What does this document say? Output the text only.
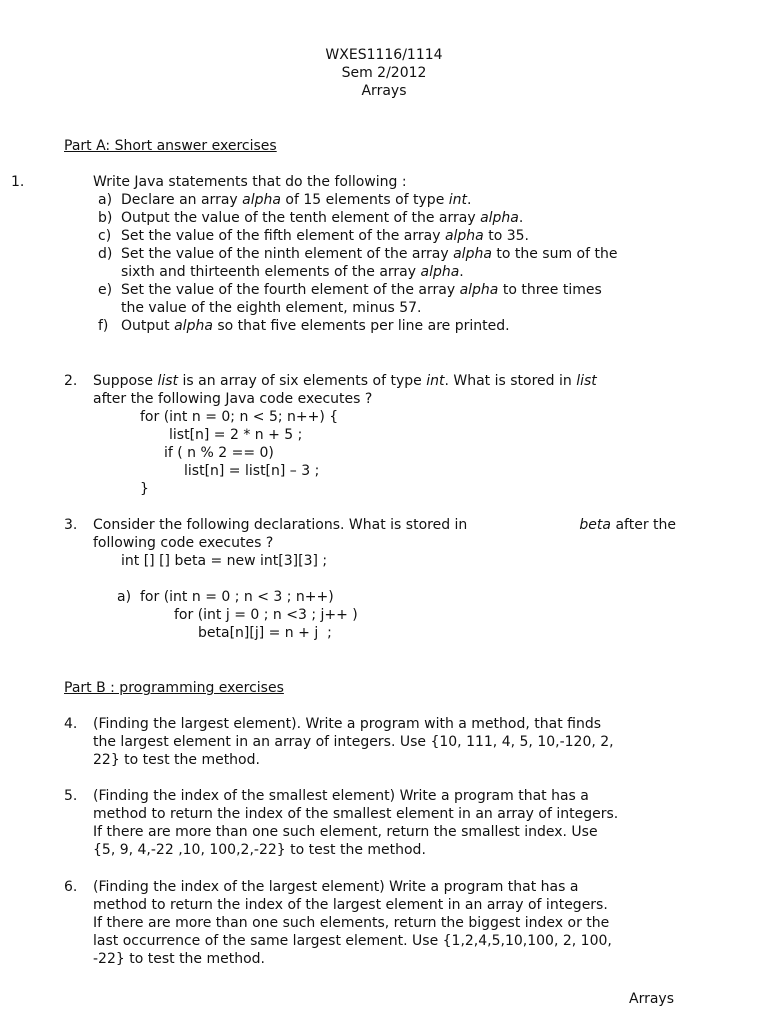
WXES1116/1114
Sem 2/2012
Arrays
Part A: Short answer exercises
1.	Write Java statements that do the following :
a) Declare an array alpha of 15 elements of type int.
b) Output the value of the tenth element of the array alpha.
c) Set the value of the fifth element of the array alpha to 35.
d) Set the value of the ninth element of the array alpha to the sum of the
sixth and thirteenth elements of the array alpha.
e) Set the value of the fourth element of the array alpha to three times
the value of the eighth element, minus 57.
f) Output alpha so that five elements per line are printed.
2. Suppose list is an array of six elements of type int. What is stored in list
after the following Java code executes ?
for (int n = 0; n < 5; n++) {
list[n] = 2 * n + 5 ;
if ( n % 2 == 0)
list[n] = list[n] – 3 ;
}
3. Consider the following declarations. What is stored in	beta after the
following code executes ?
int [] [] beta = new int[3][3] ;
a) for (int n = 0 ; n < 3 ; n++)
for (int j = 0 ; n <3 ; j++ )
beta[n][j] = n + j  ;
Part B : programming exercises
4. (Finding the largest element). Write a program with a method, that finds
the largest element in an array of integers. Use {10, 111, 4, 5, 10,-120, 2,
22} to test the method.
5. (Finding the index of the smallest element) Write a program that has a
method to return the index of the smallest element in an array of integers.
If there are more than one such element, return the smallest index. Use
{5, 9, 4,-22 ,10, 100,2,-22} to test the method.
6. (Finding the index of the largest element) Write a program that has a
method to return the index of the largest element in an array of integers.
If there are more than one such elements, return the biggest index or the
last occurrence of the same largest element. Use {1,2,4,5,10,100, 2, 100,
-22} to test the method.
Arrays
